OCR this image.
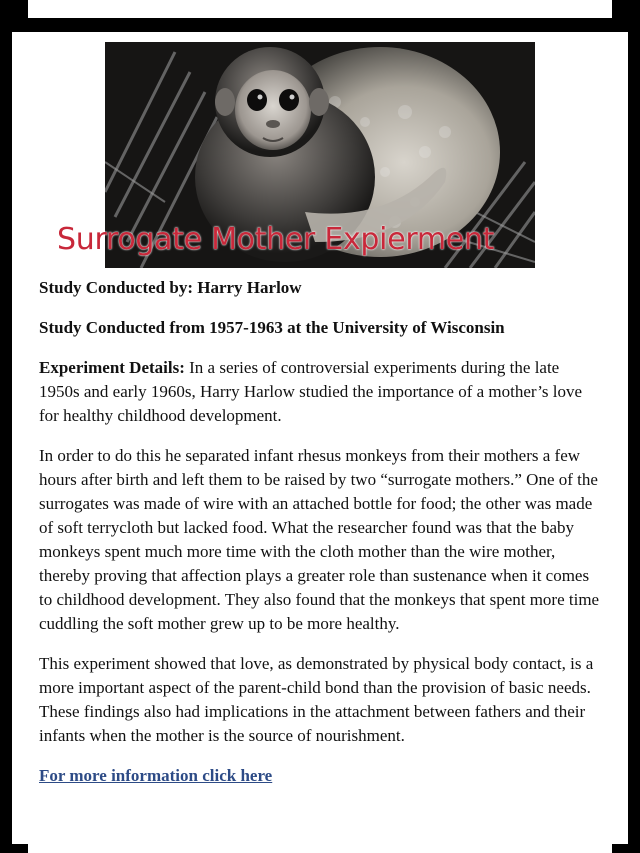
Surrogate Mother Expierment

Study Conducted by: Harry Harlow

Study Conducted from 1957-1963 at the University of Wisconsin

Experiment Details: In a series of controversial experiments during the late 1950s and early 1960s, Harry Harlow studied the importance of a mother’s love for healthy childhood development.

In order to do this he separated infant rhesus monkeys from their mothers a few hours after birth and left them to be raised by two “surrogate mothers.” One of the surrogates was made of wire with an attached bottle for food; the other was made of soft terrycloth but lacked food. What the researcher found was that the baby monkeys spent much more time with the cloth mother than the wire mother, thereby proving that affection plays a greater role than sustenance when it comes to childhood development. They also found that the monkeys that spent more time cuddling the soft mother grew up to be more healthy.

This experiment showed that love, as demonstrated by physical body contact, is a more important aspect of the parent-child bond than the provision of basic needs. These findings also had implications in the attachment between fathers and their infants when the mother is the source of nourishment.

For more information click here
